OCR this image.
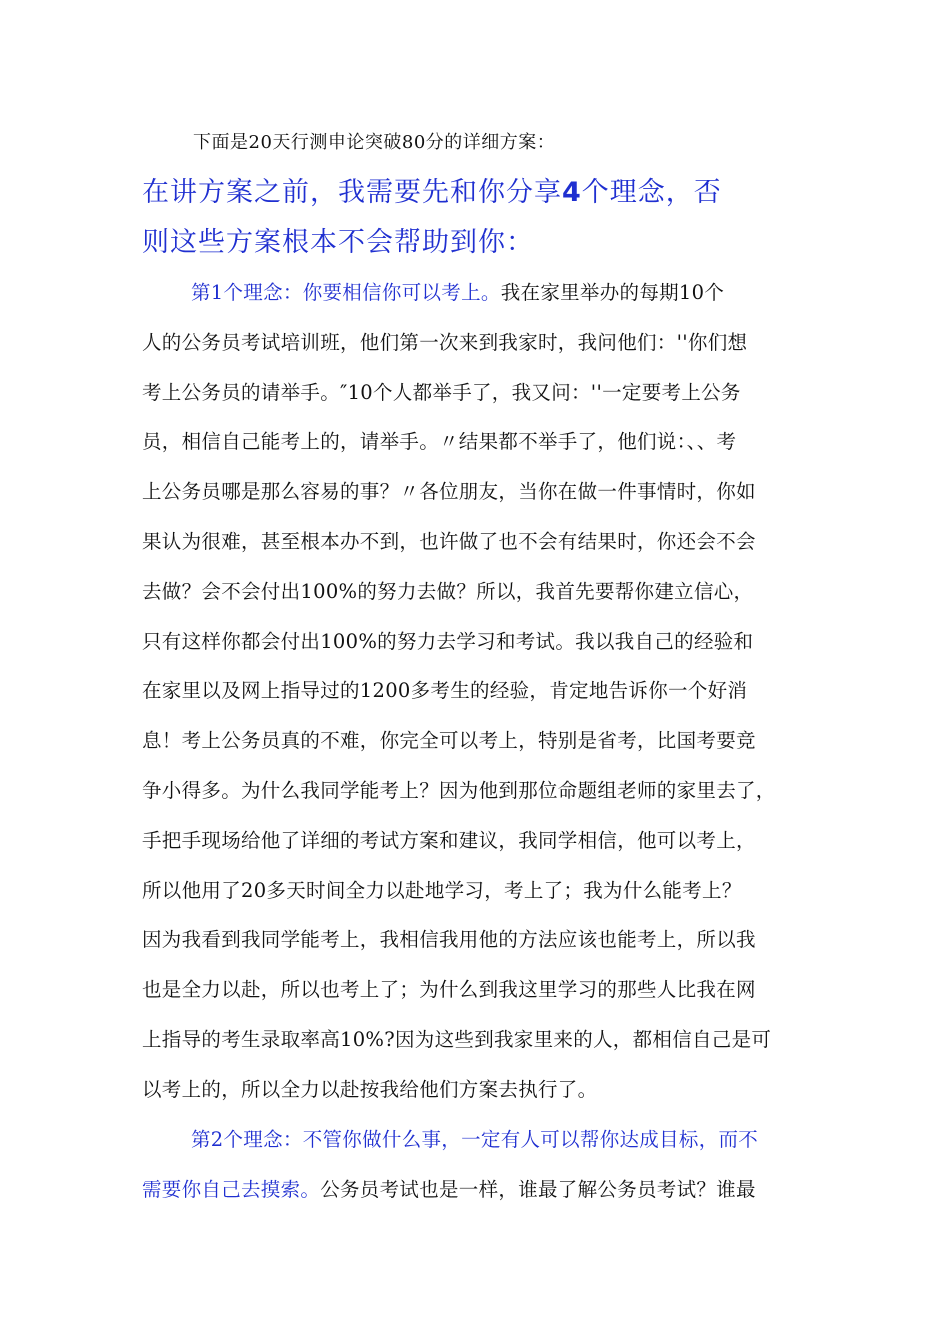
下面是20天行测申论突破80分的详细方案：
在讲方案之前，我需要先和你分享4个理念，否
则这些方案根本不会帮助到你：
第1个理念：你要相信你可以考上。我在家里举办的每期10个
人的公务员考试培训班，他们第一次来到我家时，我问他们：''你们想
考上公务员的请举手。″10个人都举手了，我又问：''一定要考上公务
员，相信自己能考上的，请举手。〃结果都不举手了，他们说：、、考
上公务员哪是那么容易的事？〃各位朋友，当你在做一件事情时，你如
果认为很难，甚至根本办不到，也许做了也不会有结果时，你还会不会
去做？会不会付出100%的努力去做？所以，我首先要帮你建立信心，
只有这样你都会付出100%的努力去学习和考试。我以我自己的经验和
在家里以及网上指导过的1200多考生的经验，肯定地告诉你一个好消
息！考上公务员真的不难，你完全可以考上，特别是省考，比国考要竞
争小得多。为什么我同学能考上？因为他到那位命题组老师的家里去了，
手把手现场给他了详细的考试方案和建议，我同学相信，他可以考上，
所以他用了20多天时间全力以赴地学习，考上了；我为什么能考上？
因为我看到我同学能考上，我相信我用他的方法应该也能考上，所以我
也是全力以赴，所以也考上了；为什么到我这里学习的那些人比我在网
上指导的考生录取率高10%?因为这些到我家里来的人，都相信自己是可
以考上的，所以全力以赴按我给他们方案去执行了。
第2个理念：不管你做什么事，一定有人可以帮你达成目标，而不
需要你自己去摸索。公务员考试也是一样，谁最了解公务员考试？谁最
